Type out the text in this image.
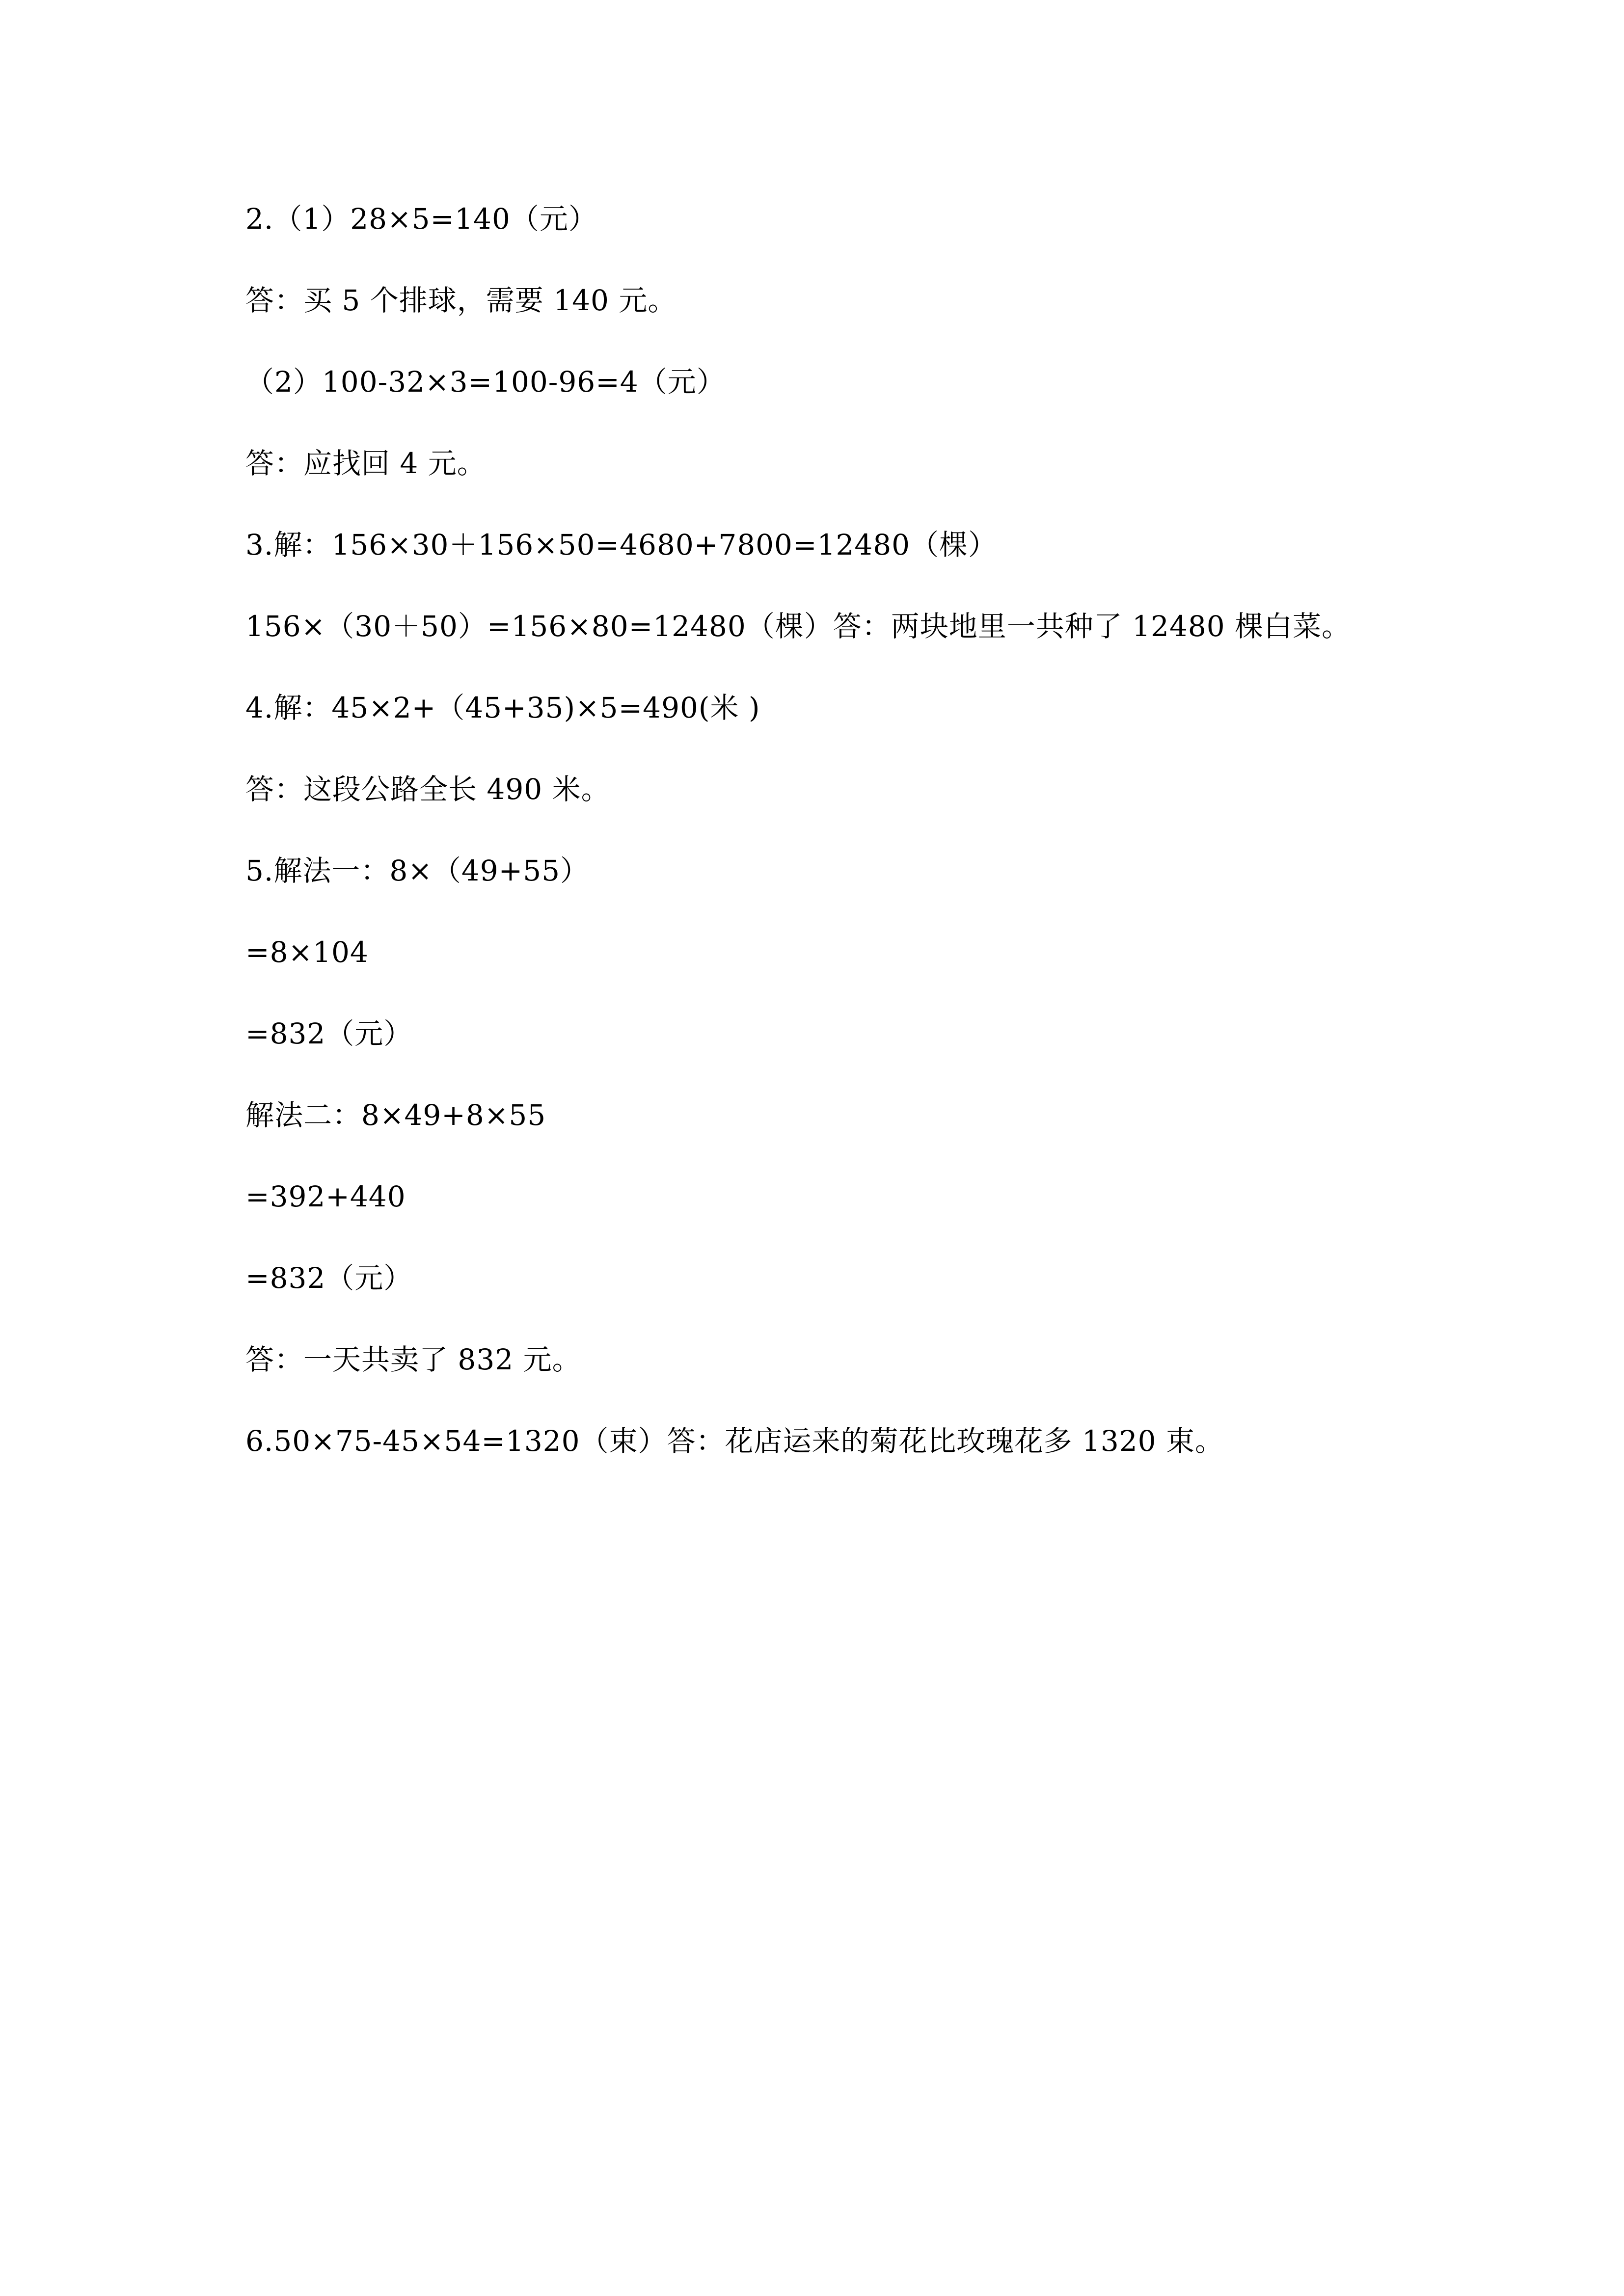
2.（1）28×5=140（元）
答：买 5 个排球，需要 140 元。
（2）100-32×3=100-96=4（元）
答：应找回 4 元。
3.解：156×30＋156×50=4680+7800=12480（棵）
156×（30＋50）=156×80=12480（棵）答：两块地里一共种了 12480 棵白菜。
4.解：45×2+（45+35)×5=490(米 )
答：这段公路全长 490 米。
5.解法一：8×（49+55）
=8×104
=832（元）
解法二：8×49+8×55
=392+440
=832（元）
答：一天共卖了 832 元。
6.50×75-45×54=1320（束）答：花店运来的菊花比玫瑰花多 1320 束。
